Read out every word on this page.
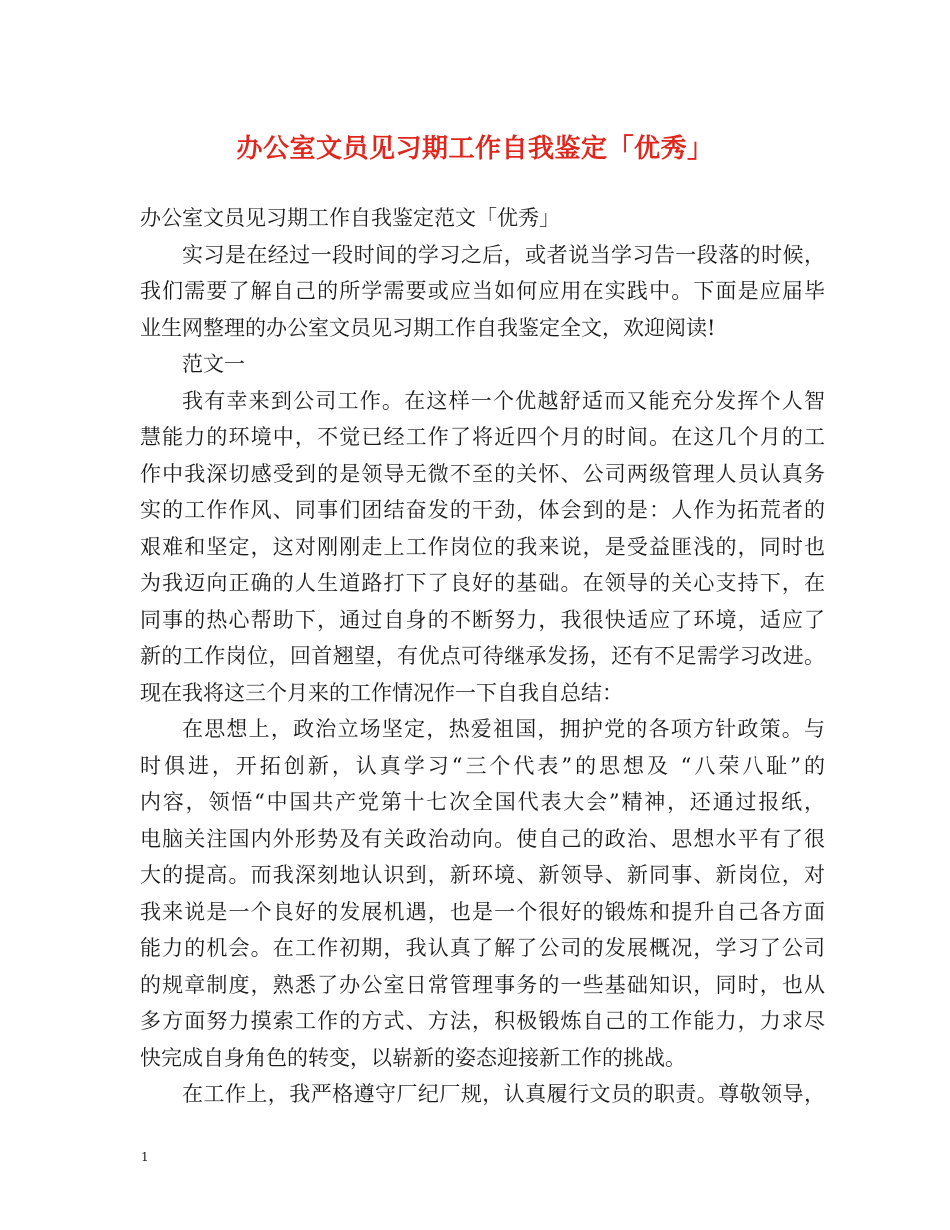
办公室文员见习期工作自我鉴定「优秀」
办公室文员见习期工作自我鉴定范文「优秀」
实习是在经过一段时间的学习之后，或者说当学习告一段落的时候，
我们需要了解自己的所学需要或应当如何应用在实践中。下面是应届毕
业生网整理的办公室文员见习期工作自我鉴定全文，欢迎阅读!
范文一
我有幸来到公司工作。在这样一个优越舒适而又能充分发挥个人智
慧能力的环境中，不觉已经工作了将近四个月的时间。在这几个月的工
作中我深切感受到的是领导无微不至的关怀、公司两级管理人员认真务
实的工作作风、同事们团结奋发的干劲，体会到的是：人作为拓荒者的
艰难和坚定，这对刚刚走上工作岗位的我来说，是受益匪浅的，同时也
为我迈向正确的人生道路打下了良好的基础。在领导的关心支持下，在
同事的热心帮助下，通过自身的不断努力，我很快适应了环境，适应了
新的工作岗位，回首翘望，有优点可待继承发扬，还有不足需学习改进。
现在我将这三个月来的工作情况作一下自我自总结：
在思想上，政治立场坚定，热爱祖国，拥护党的各项方针政策。与
时俱进，开拓创新，认真学习“三个代表”的思想及 “八荣八耻”的
内容，领悟“中国共产党第十七次全国代表大会”精神，还通过报纸，
电脑关注国内外形势及有关政治动向。使自己的政治、思想水平有了很
大的提高。而我深刻地认识到，新环境、新领导、新同事、新岗位，对
我来说是一个良好的发展机遇，也是一个很好的锻炼和提升自己各方面
能力的机会。在工作初期，我认真了解了公司的发展概况，学习了公司
的规章制度，熟悉了办公室日常管理事务的一些基础知识，同时，也从
多方面努力摸索工作的方式、方法，积极锻炼自己的工作能力，力求尽
快完成自身角色的转变，以崭新的姿态迎接新工作的挑战。
在工作上，我严格遵守厂纪厂规，认真履行文员的职责。尊敬领导，

1
